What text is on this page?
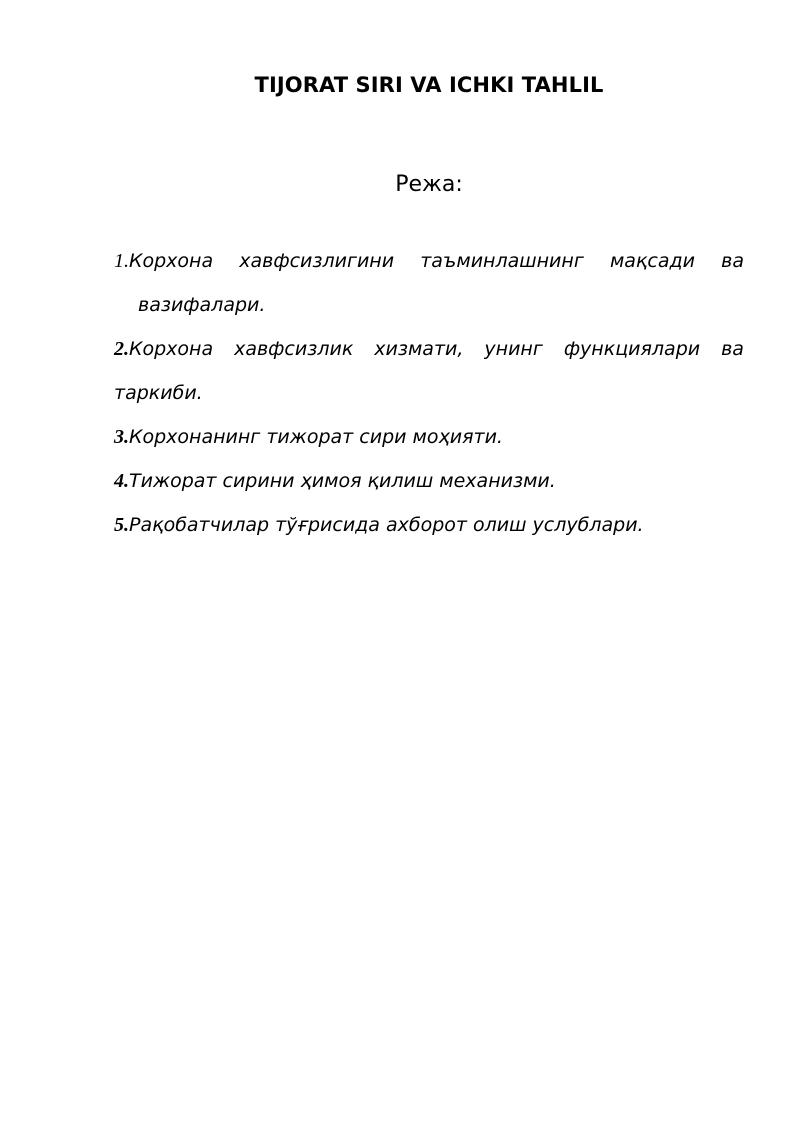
TIJORAT SIRI VA ICHKI TAHLIL
Режа:
1.Корхона хавфсизлигини таъминлашнинг мақсади ва
вазифалари.
2.Корхона хавфсизлик хизмати, унинг функциялари ва
таркиби.
3.Корхонанинг тижорат сири моҳияти.
4.Тижорат сирини ҳимоя қилиш механизми.
5.Рақобатчилар тўғрисида ахборот олиш услублари.
